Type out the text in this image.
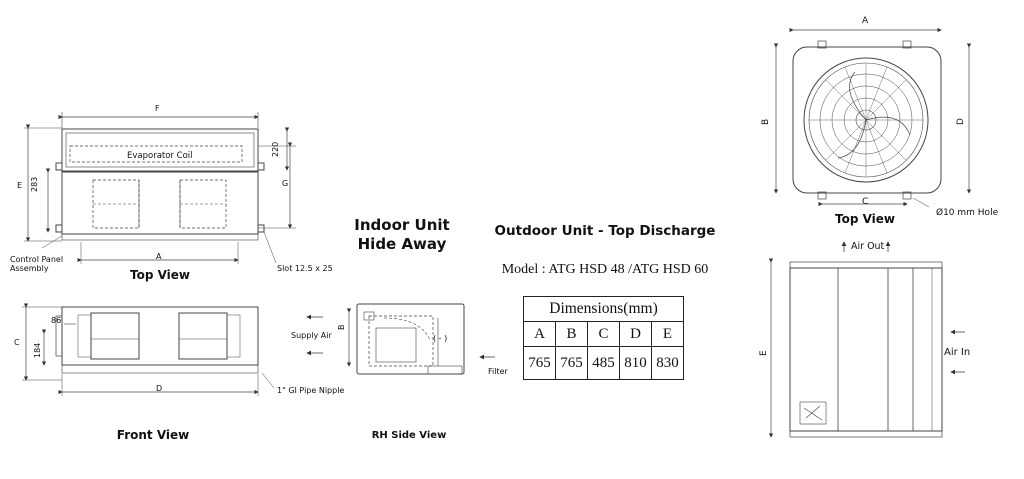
F
Evaporator Coil
E 283
220
G
A
Control Panel
Assembly	Slot 12.5 x 25
Top View
86
C
184
D	1" GI Pipe Nipple
Front View
Supply Air
B
( - )
Filter
RH Side View
Indoor Unit
Hide Away
Outdoor Unit - Top Discharge
Model : ATG HSD 48 /ATG HSD 60
Dimensions(mm)				
A	B	C	D	E
765	765	485	810	830
A
B	D
C
Top View	Ø10 mm Hole
Air Out
Air In
E
